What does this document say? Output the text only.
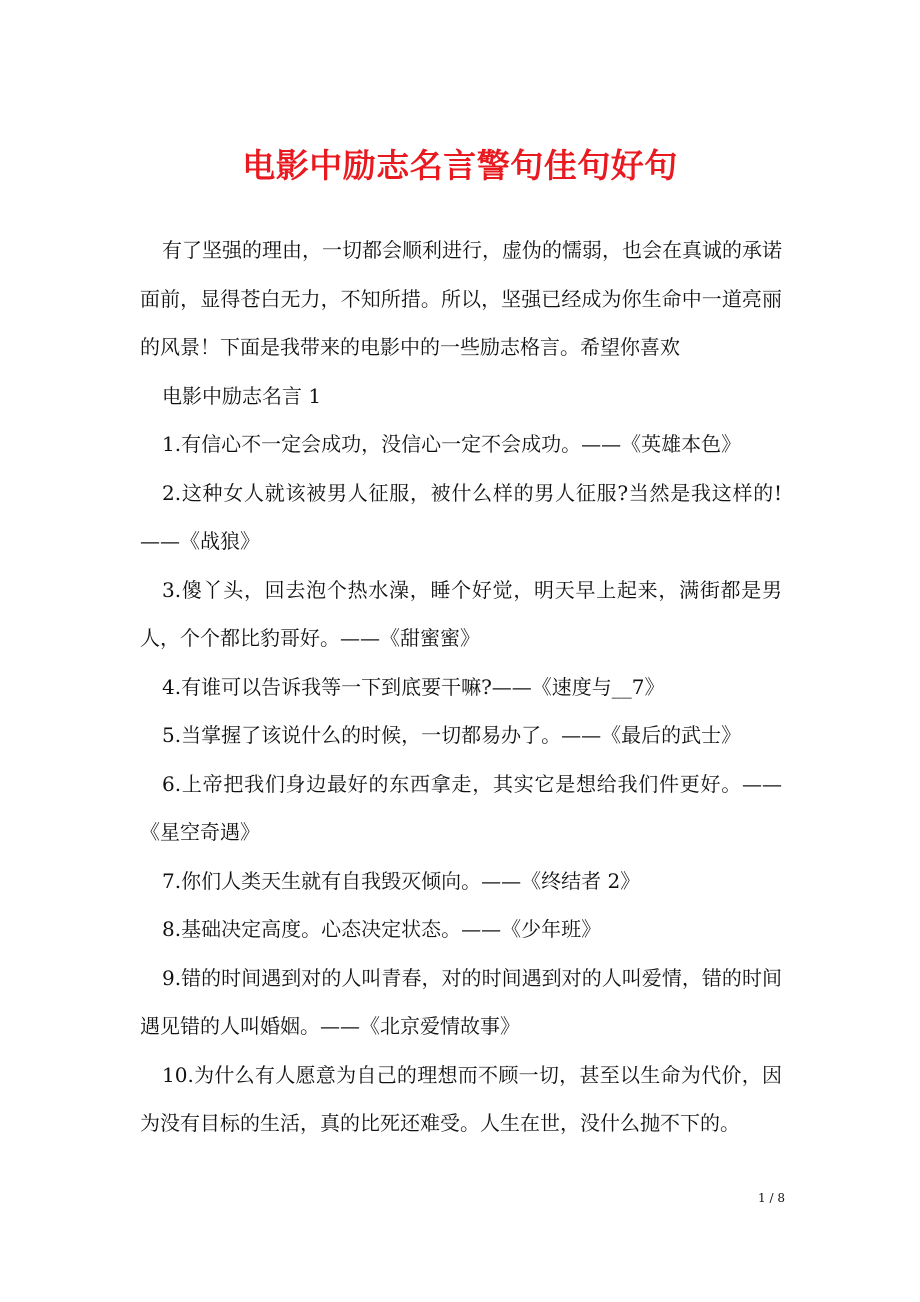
电影中励志名言警句佳句好句

有了坚强的理由，一切都会顺利进行，虚伪的懦弱，也会在真诚的承诺面前，显得苍白无力，不知所措。所以，坚强已经成为你生命中一道亮丽的风景！下面是我带来的电影中的一些励志格言。希望你喜欢

电影中励志名言 1

1.有信心不一定会成功，没信心一定不会成功。——《英雄本色》

2.这种女人就该被男人征服，被什么样的男人征服?当然是我这样的!——《战狼》

3.傻丫头，回去泡个热水澡，睡个好觉，明天早上起来，满街都是男人，个个都比豹哥好。——《甜蜜蜜》

4.有谁可以告诉我等一下到底要干嘛?——《速度与__7》

5.当掌握了该说什么的时候，一切都易办了。——《最后的武士》

6.上帝把我们身边最好的东西拿走，其实它是想给我们件更好。——《星空奇遇》

7.你们人类天生就有自我毁灭倾向。——《终结者 2》

8.基础决定高度。心态决定状态。——《少年班》

9.错的时间遇到对的人叫青春，对的时间遇到对的人叫爱情，错的时间遇见错的人叫婚姻。——《北京爱情故事》

10.为什么有人愿意为自己的理想而不顾一切，甚至以生命为代价，因为没有目标的生活，真的比死还难受。人生在世，没什么抛不下的。

1 / 8
